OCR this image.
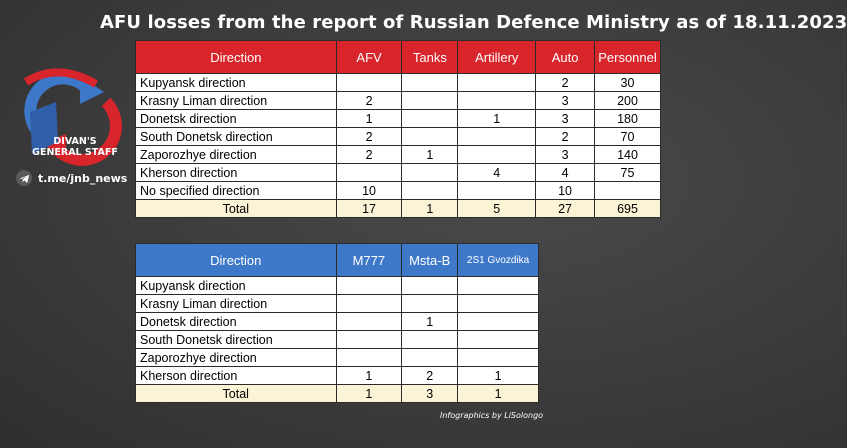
AFU losses from the report of Russian Defence Ministry as of 18.11.2023
DIVAN'S
GENERAL STAFF
t.me/jnb_news
Direction	AFV	Tanks	Artillery	Auto	Personnel
Kupyansk direction				2	30
Krasny Liman direction	2			3	200
Donetsk direction	1		1	3	180
South Donetsk direction	2			2	70
Zaporozhye direction	2	1		3	140
Kherson direction			4	4	75
No specified direction	10			10	
Total	17	1	5	27	695
Direction	M777	Msta-B	2S1 Gvozdika
Kupyansk direction			
Krasny Liman direction			
Donetsk direction		1	
South Donetsk direction			
Zaporozhye direction			
Kherson direction	1	2	1
Total	1	3	1
Infographics by LiSolongo
